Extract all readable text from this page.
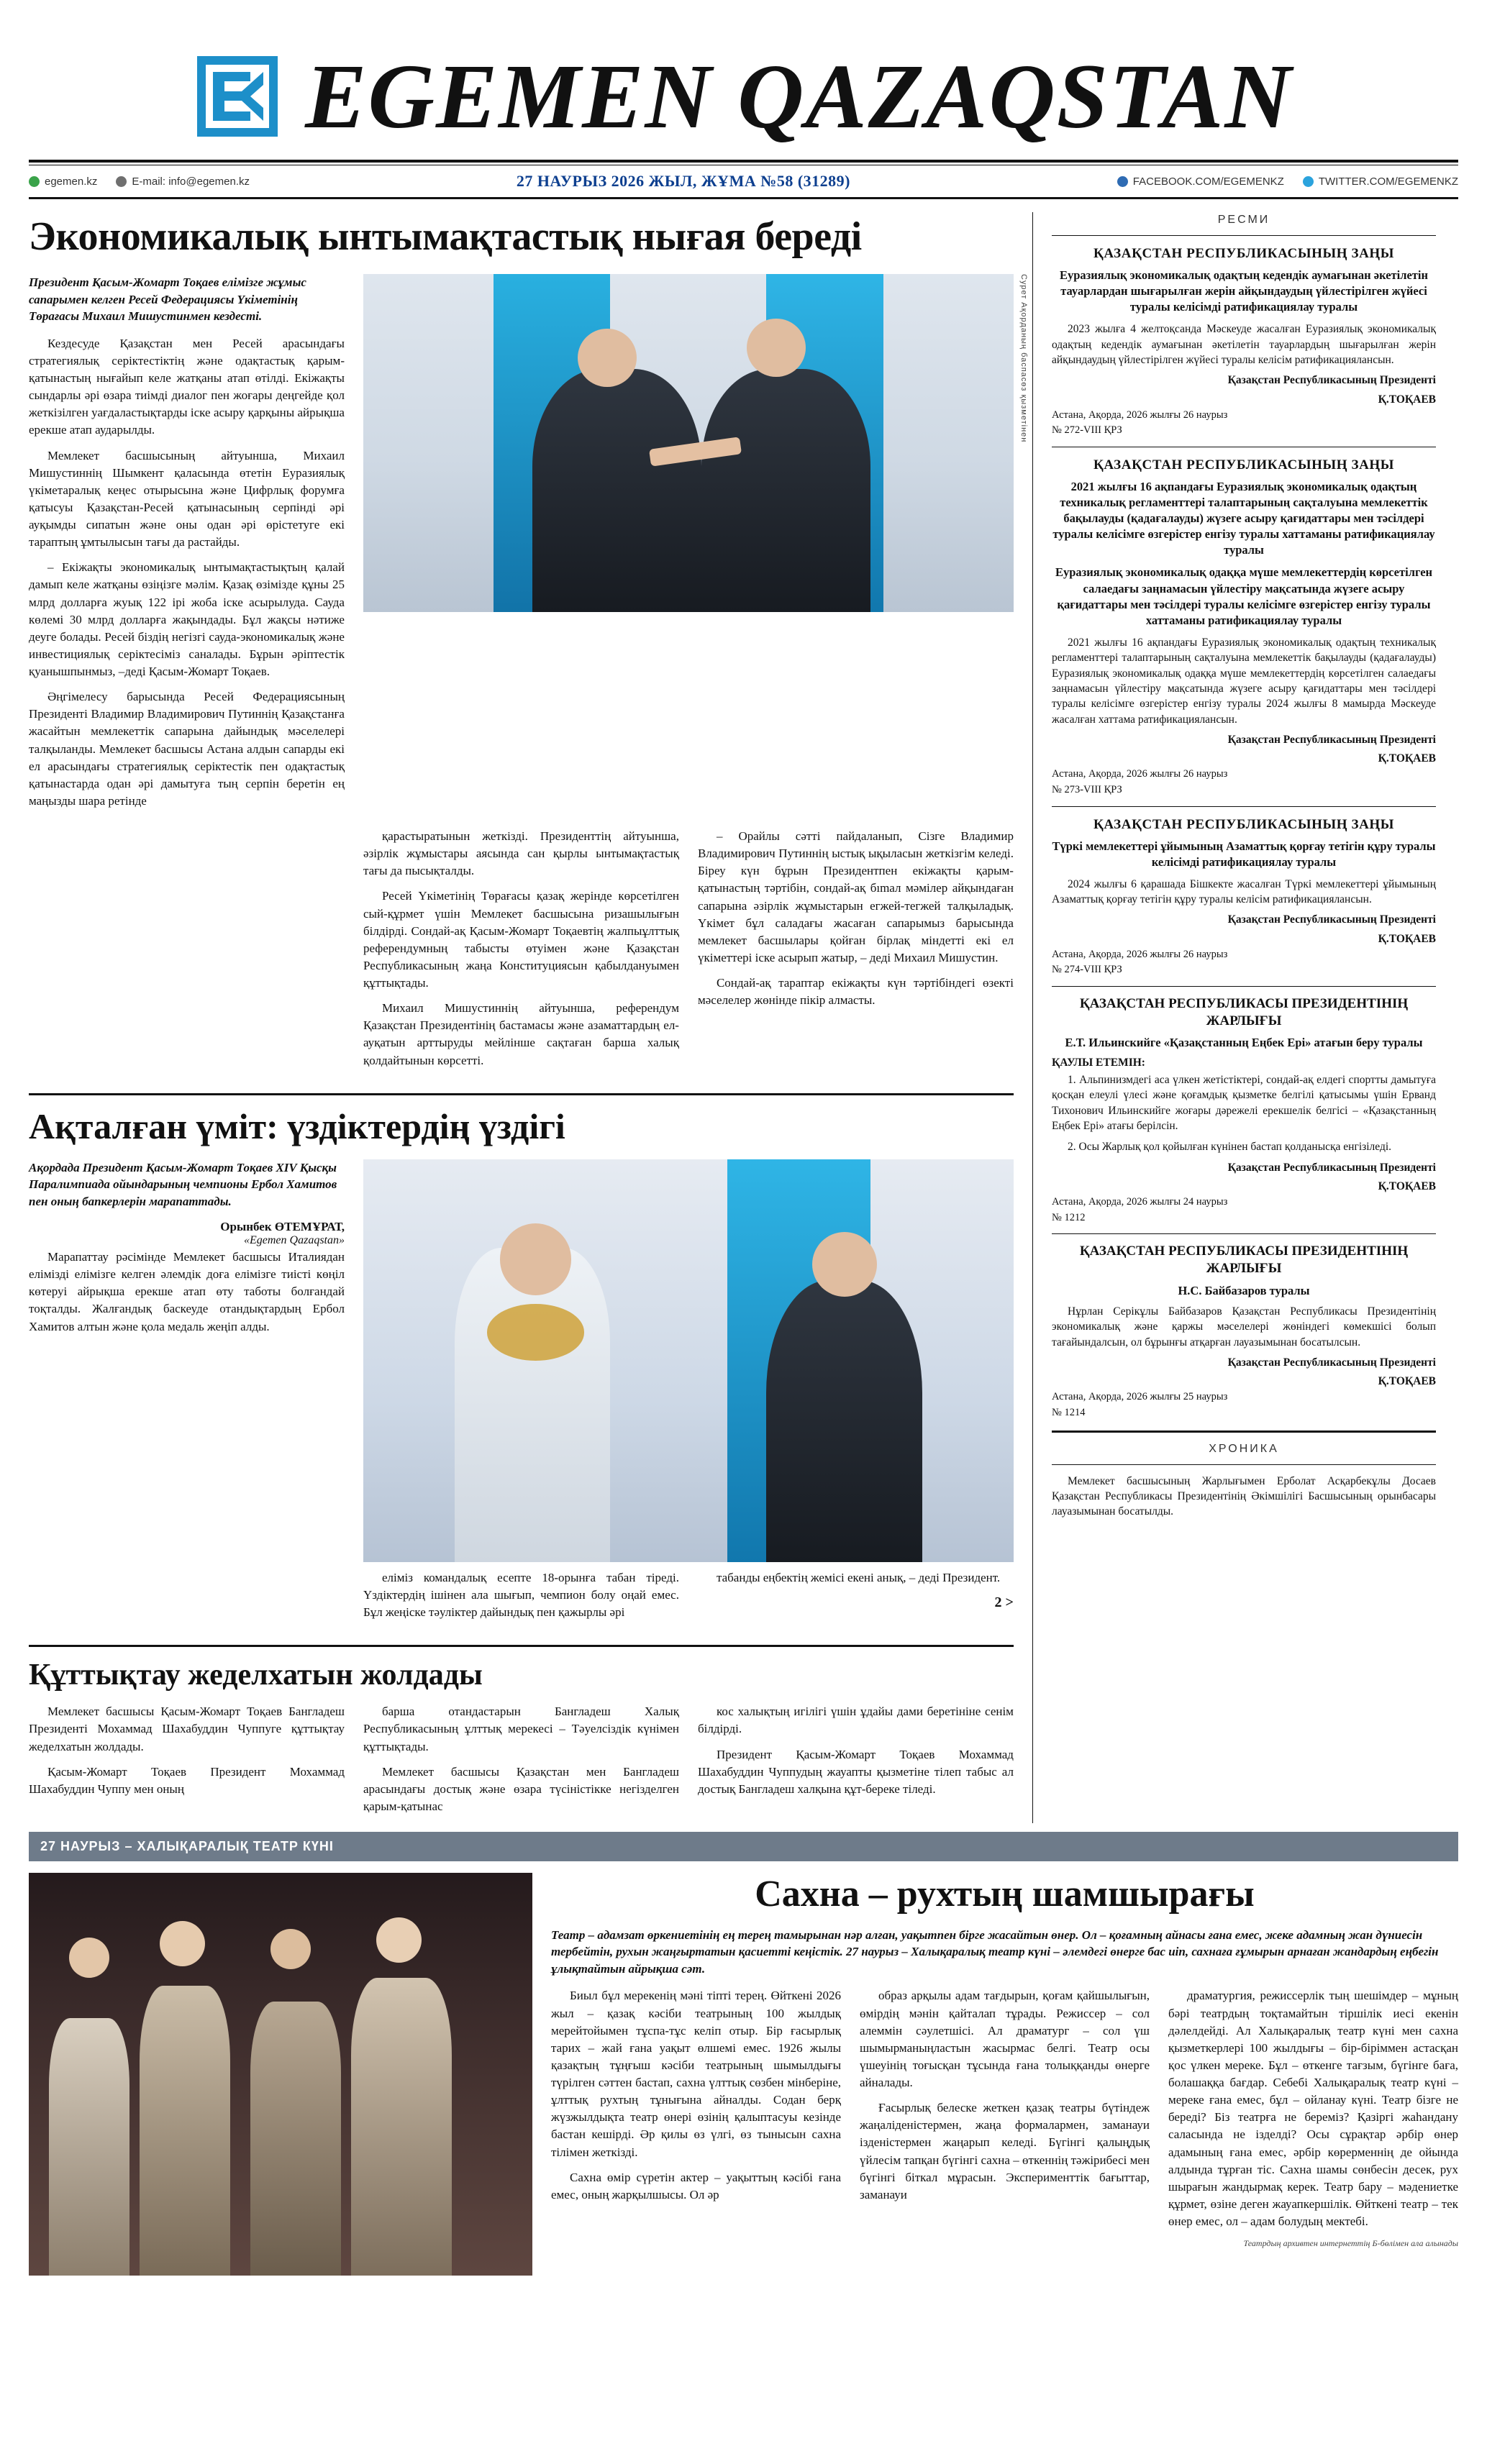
EGEMEN QAZAQSTAN
egemen.kz	E-mail: info@egemen.kz	27 НАУРЫЗ 2026 ЖЫЛ, ЖҰМА №58 (31289)	FACEBOOK.COM/EGEMENKZ	TWITTER.COM/EGEMENKZ
Экономикалық ынтымақтастық нығая береді
Президент Қасым-Жомарт Тоқаев елімізге жұмыс сапарымен келген Ресей Федерациясы Үкіметінің Төрағасы Михаил Мишустинмен кездесті.

Кездесуде Қазақстан мен Ресей арасындағы стратегиялық серіктестіктің және одақтастық қарым-қатынастың нығайып келе жатқаны атап өтілді. Екіжақты сындарлы әрі өзара тиімді диалог пен жоғары деңгейде қол жеткізілген уағдаластықтарды іске асыру қарқыны айрықша ерекше атап аударылды.

Мемлекет басшысының айтуынша, Михаил Мишустиннің Шымкент қаласында өтетін Еуразиялық үкіметаралық кеңес отырысына және Цифрлық форумға қатысуы Қазақстан-Ресей қатынасының серпінді әрі ауқымды сипатын және оны одан әрі өрістетуге екі тараптың ұмтылысын тағы да растайды.

– Екіжақты экономикалық ынтымақтастықтың қалай дамып келе жатқаны өзіңізге мәлім. Қазақ өзімізде құны 25 млрд долларға жуық 122 ірі жоба іске асырылуда. Сауда көлемі 30 млрд долларға жақындады. Бұл жақсы нәтиже деуге болады. Ресей біздің негізгі сауда-экономикалық және инвестициялық серіктесіміз саналады. Бұрын әріптестік қуанышпынмыз, –деді Қасым-Жомарт Тоқаев.

Әңгімелесу барысында Ресей Федерациясының Президенті Владимир Владимирович Путиннің Қазақстанға жасайтын мемлекеттік сапарына дайындық мәселелері талқыланды. Мемлекет басшысы Астана алдын сапарды екі ел арасындағы стратегиялық серіктестік пен одақтастық қатынастарда одан әрі дамытуға тың серпін беретін ең маңызды шара ретінде

Сурет Ақорданың баспасөз қызметінен

қарастыратынын жеткізді. Президенттің айтуынша, әзірлік жұмыстары аясында сан қырлы ынтымақтастық тағы да пысықталды.

Ресей Үкіметінің Төрағасы қазақ жерінде көрсетілген сый-құрмет үшін Мемлекет басшысына ризашылығын білдірді. Сондай-ақ Қасым-Жомарт Тоқаевтің жалпыұлттық референдумның табысты өтуімен және Қазақстан Республикасының жаңа Конституциясын қабылдануымен құттықтады.

Михаил Мишустиннің айтуынша, референдум Қазақстан Президентінің бастамасы және азаматтардың ел-ауқатын арттыруды мейлінше сақтаған барша халық қолдайтынын көрсетті.

– Орайлы сәтті пайдаланып, Сізге Владимир Владимирович Путиннің ыстық ықыласын жеткізгім келеді. Біреу күн бұрын Президентпен екіжақты қарым-қатынастың тәртібін, сондай-ақ бımал мәмілер айқындаған сапарына әзірлік жұмыстарын егжей-тегжей талқыладық. Үкімет бұл саладағы жасаған сапарымыз барысында мемлекет басшылары қойған бірлақ міндетті екі ел үкіметтері іске асырып жатыр, – деді Михаил Мишустин.

Сондай-ақ тараптар екіжақты күн тәртібіндегі өзекті мәселелер жөнінде пікір алмасты.

Ақталған үміт: үздіктердің үздігі
Ақордада Президент Қасым-Жомарт Тоқаев XIV Қысқы Паралимпиада ойындарының чемпионы Ербол Хамитов пен оның бапкерлерін марапаттады.
Орынбек ӨТЕМҰРАТ,
«Egemen Qazaqstan»

Марапаттау рәсімінде Мемлекет басшысы Италиядан елімізді елімізге келген әлемдік доға елімізге тиісті көңіл көтеруі айрықша ерекше атап өту таботы болғандай тоқталды. Жалғандық баскеуде отандықтардың Ербол Хамитов алтын және қола медаль жеңіп алды.

еліміз командалық есепте 18-орынға табан тіреді. Үздіктердің ішінен ала шығып, чемпион болу оңай емес. Бұл жеңіске тәуліктер дайындық пен қажырлы әрі

табанды еңбектің жемісі екені анық, – деді Президент.

2 >
Құттықтау жеделхатын жолдады

Мемлекет басшысы Қасым-Жомарт Тоқаев Бангладеш Президенті Мохаммад Шахабуддин Чуппуге құттықтау жеделхатын жолдады.

Қасым-Жомарт Тоқаев Президент Мохаммад Шахабуддин Чуппу мен оның

барша отандастарын Бангладеш Халық Республикасының ұлттық мерекесі – Тәуелсіздік күнімен құттықтады.

Мемлекет басшысы Қазақстан мен Бангладеш арасындағы достық және өзара түсіністікке негізделген қарым-қатынас

кос халықтың игілігі үшін ұдайы дами беретініне сенім білдірді.

Президент Қасым-Жомарт Тоқаев Мохаммад Шахабуддин Чуппудың жауапты қызметіне тілеп табыс ал достық Бангладеш халқына құт-береке тіледі.

РЕСМИ
ҚАЗАҚСТАН РЕСПУБЛИКАСЫНЫҢ ЗАҢЫ
Еуразиялық экономикалық одақтың кедендік аумағынан әкетілетін тауарлардан шығарылған жерін айқындаудың үйлестірілген жүйесі туралы келісімді ратификациялау туралы

2023 жылға 4 желтоқсанда Мәскеуде жасалған Еуразиялық экономикалық одақтың кедендік аумағынан әкетілетін тауарлардың шығарылған жерін айқындаудың үйлестірілген жүйесі туралы келісім ратификациялансын.

Қазақстан Республикасының Президенті
Қ.ТОҚАЕВ
Астана, Ақорда, 2026 жылғы 26 наурыз
№ 272-VIII ҚРЗ
ҚАЗАҚСТАН РЕСПУБЛИКАСЫНЫҢ ЗАҢЫ
2021 жылғы 16 ақпандағы Еуразиялық экономикалық одақтың техникалық регламенттері талаптарының сақталуына мемлекеттік бақылауды (қадағалауды) жүзеге асыру қағидаттары мен тәсілдері туралы келісімге өзгерістер енгізу туралы хаттаманы ратификациялау туралы
Еуразиялық экономикалық одаққа мүше мемлекеттердің көрсетілген салаедағы заңнамасын үйлестіру мақсатында жүзеге асыру қағидаттары мен тәсілдері туралы келісімге өзгерістер енгізу туралы хаттаманы ратификациялау туралы

2021 жылғы 16 ақпандағы Еуразиялық экономикалық одақтың техникалық регламенттері талаптарының сақталуына мемлекеттік бақылауды (қадағалауды) Еуразиялық экономикалық одаққа мүше мемлекеттердің көрсетілген салаедағы заңнамасын үйлестіру мақсатында жүзеге асыру қағидаттары мен тәсілдері туралы келісімге өзгерістер енгізу туралы 2024 жылғы 8 мамырда Мәскеуде жасалған хаттама ратификациялансын.

Қазақстан Республикасының Президенті
Қ.ТОҚАЕВ
Астана, Ақорда, 2026 жылғы 26 наурыз
№ 273-VIII ҚРЗ
ҚАЗАҚСТАН РЕСПУБЛИКАСЫНЫҢ ЗАҢЫ
Түркі мемлекеттері ұйымының Азаматтық қорғау тетігін құру туралы келісімді ратификациялау туралы

2024 жылғы 6 қарашада Бішкекте жасалған Түркі мемлекеттері ұйымының Азаматтық қорғау тетігін құру туралы келісім ратификациялансын.

Қазақстан Республикасының Президенті
Қ.ТОҚАЕВ
Астана, Ақорда, 2026 жылғы 26 наурыз
№ 274-VIII ҚРЗ
ҚАЗАҚСТАН РЕСПУБЛИКАСЫ ПРЕЗИДЕНТІНІҢ ЖАРЛЫҒЫ
Е.Т. Ильинскийге «Қазақстанның Еңбек Ері» атағын беру туралы
ҚАУЛЫ ЕТЕМІН:

1. Альпинизмдегі аса үлкен жетістіктері, сондай-ақ елдегі спортты дамытуға қосқан елеулі үлесі және қоғамдық қызметке белгілі қатысымы үшін Ерванд Тихонович Ильинскийге жоғары дәрежелі ерекшелік белгісі – «Қазақстанның Еңбек Ері» атағы берілсін.

2. Осы Жарлық қол қойылған күнінен бастап қолданысқа енгізіледі.

Қазақстан Республикасының Президенті
Қ.ТОҚАЕВ
Астана, Ақорда, 2026 жылғы 24 наурыз
№ 1212
ҚАЗАҚСТАН РЕСПУБЛИКАСЫ ПРЕЗИДЕНТІНІҢ ЖАРЛЫҒЫ
Н.С. Байбазаров туралы

Нұрлан Серікұлы Байбазаров Қазақстан Республикасы Президентінің экономикалық және қаржы мәселелері жөніндегі көмекшісі болып тағайындалсын, ол бұрынғы атқарған лауазымынан босатылсын.

Қазақстан Республикасының Президенті
Қ.ТОҚАЕВ
Астана, Ақорда, 2026 жылғы 25 наурыз
№ 1214
ХРОНИКА

Мемлекет басшысының Жарлығымен Ерболат Асқарбекұлы Досаев Қазақстан Республикасы Президентінің Әкімшілігі Басшысының орынбасары лауазымынан босатылды.

27 НАУРЫЗ – ХАЛЫҚАРАЛЫҚ ТЕАТР КҮНІ
Сахна – рухтың шамшырағы
Театр – адамзат өркениетінің ең терең тамырынан нәр алған, уақытпен бірге жасайтын өнер. Ол – қоғамның айнасы ғана емес, жеке адамның жан дүниесін тербейтін, рухын жаңғыртатын қасиетті кеңістік. 27 наурыз – Халықаралық театр күні – әлемдегі өнерге бас иіп, сахнаға ғұмырын арнаған жандардың еңбегін ұлықтайтын айрықша сәт.

Биыл бұл мерекенің мәні тіпті терең. Өйткені 2026 жыл – қазақ кәсіби театрының 100 жылдық мерейтойымен тұспа-тұс келіп отыр. Бір ғасырлық тарих – жай ғана уақыт өлшемі емес. 1926 жылы қазақтың тұңғыш кәсіби театрының шымылдығы түрілген сәттен бастап, сахна үлттық сөзбен мінберіне, ұлттық рухтың тұнығына айналды. Содан берқ жүзжылдықта театр өнері өзінің қалыптасуы кезінде бастан кешірді. Әр қилы өз үлгі, өз тынысын сахна тілімен жеткізді.

Сахна өмір сүретін актер – уақыттың кәсібі ғана емес, оның жарқылшысы. Ол әр

образ арқылы адам тағдырын, қоғам қайшылығын, өмірдің мәнін қайталап тұрады. Режиссер – сол алеммін сәулетшісі. Ал драматург – сол үш шымырманыңластын жасырмас белгі. Театр осы үшеуінің тоғысқан тұсында ғана толыққанды өнерге айналады.

Ғасырлық белеске жеткен қазақ театры бүтіндеж жаңаліденістермен, жаңа формалармен, заманауи ізденістермен жаңарып келеді. Бүгінгі қалыңдық үйлесім тапқан бүгінгі сахна – өткеннің тәжірибесі мен бүгінгі біткал мұрасын. Эксперименттік бағыттар, заманауи

драматургия, режиссерлік тың шешімдер – мұның бәрі театрдың тоқтамайтын тіршілік иесі екенін дәлелдейді. Ал Халықаралық театр күні мен сахна қызметкерлері 100 жылдығы – бір-біріммен астасқан қос үлкен мереке. Бұл – өткенге тағзым, бүгінге баға, болашаққа бағдар. Себебі Халықаралық театр күні – мереке ғана емес, бұл – ойланау күні. Театр бізге не береді? Біз театрға не береміз? Қазіргі жаһандану саласында не ізделді? Осы сұрақтар әрбір өнер адамының ғана емес, әрбір көрерменнің де ойында алдында тұрған тіс. Сахна шамы сөнбесін десек, рух шырағын жандырмақ керек. Театр бару – мәдениетке құрмет, өзіне деген жауапкершілік. Өйткені театр – тек өнер емес, ол – адам болудың мектебі.

Театрдың архивтен интернеттің Б-бөлімен ала алынады
